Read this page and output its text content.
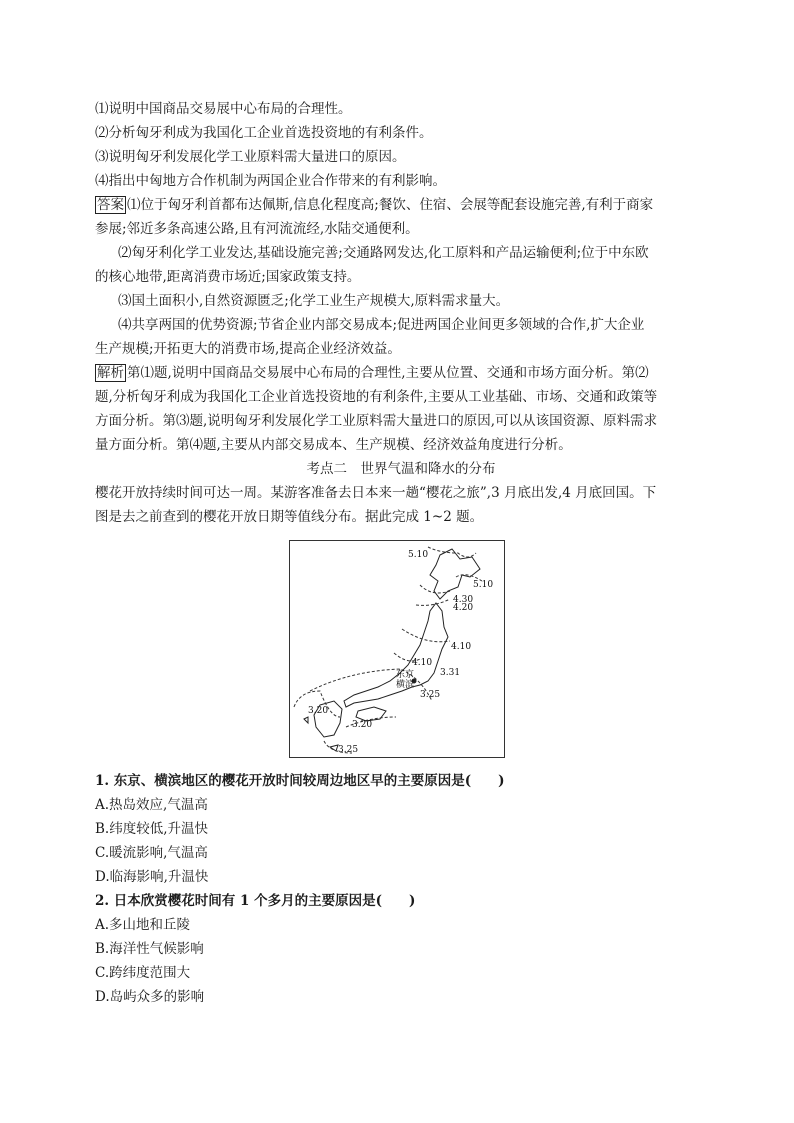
⑴说明中国商品交易展中心布局的合理性。
⑵分析匈牙利成为我国化工企业首选投资地的有利条件。
⑶说明匈牙利发展化学工业原料需大量进口的原因。
⑷指出中匈地方合作机制为两国企业合作带来的有利影响。
答案 ⑴位于匈牙利首都布达佩斯,信息化程度高;餐饮、住宿、会展等配套设施完善,有利于商家
参展;邻近多条高速公路,且有河流流经,水陆交通便利。
⑵匈牙利化学工业发达,基础设施完善;交通路网发达,化工原料和产品运输便利;位于中东欧
的核心地带,距离消费市场近;国家政策支持。
⑶国土面积小,自然资源匮乏;化学工业生产规模大,原料需求量大。
⑷共享两国的优势资源;节省企业内部交易成本;促进两国企业间更多领域的合作,扩大企业
生产规模;开拓更大的消费市场,提高企业经济效益。
解析 第⑴题,说明中国商品交易展中心布局的合理性,主要从位置、交通和市场方面分析。第⑵
题,分析匈牙利成为我国化工企业首选投资地的有利条件,主要从工业基础、市场、交通和政策等
方面分析。第⑶题,说明匈牙利发展化学工业原料需大量进口的原因,可以从该国资源、原料需求
量方面分析。第⑷题,主要从内部交易成本、生产规模、经济效益角度进行分析。
考点二　世界气温和降水的分布
樱花开放持续时间可达一周。某游客准备去日本来一趟“樱花之旅”,3 月底出发,4 月底回国。下
图是去之前查到的樱花开放日期等值线分布。据此完成 1~2 题。
5.10
5.10
4.30
4.20
4.10
4.10
3.31
东京
横滨
3.25
3.20
3.20
3.25
1. 东京、横滨地区的樱花开放时间较周边地区早的主要原因是(　　)
A.热岛效应,气温高
B.纬度较低,升温快
C.暖流影响,气温高
D.临海影响,升温快
2. 日本欣赏樱花时间有 1 个多月的主要原因是(　　)
A.多山地和丘陵
B.海洋性气候影响
C.跨纬度范围大
D.岛屿众多的影响
